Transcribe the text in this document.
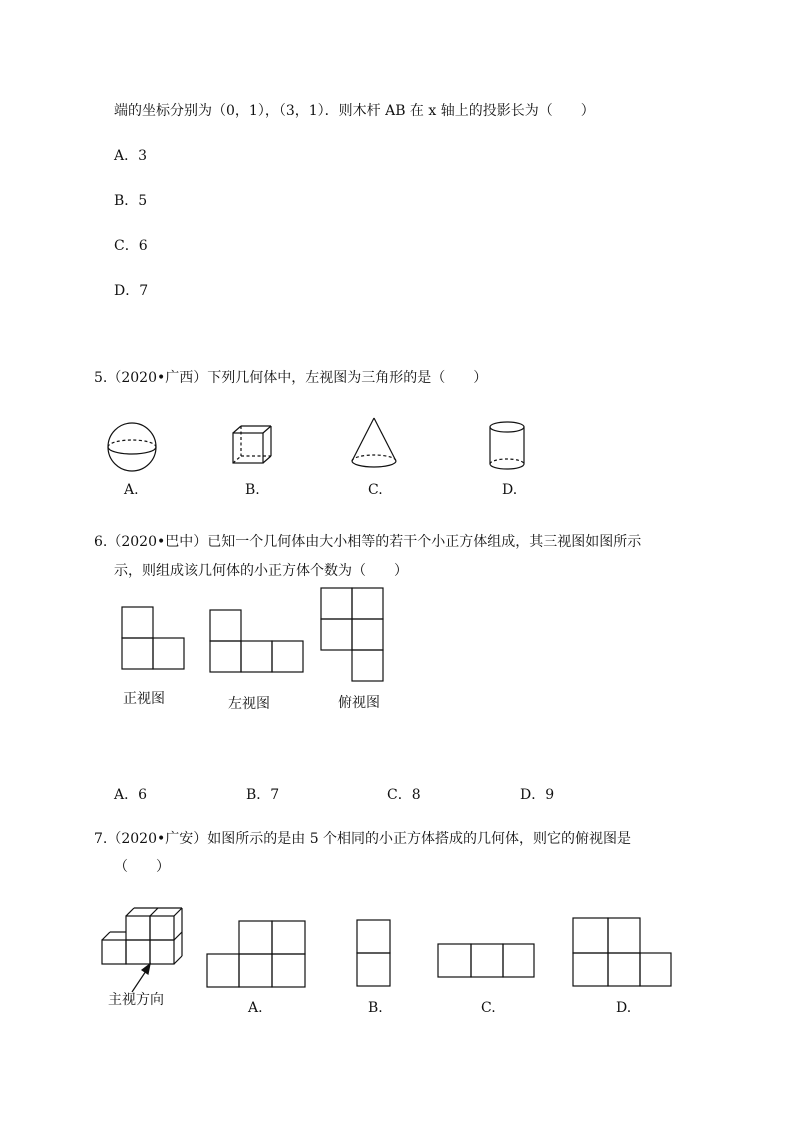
端的坐标分别为（0，1），（3，1）．则木杆 AB 在 x 轴上的投影长为（　　）
A．3
B．5
C．6
D．7
5.（2020•广西）下列几何体中，左视图为三角形的是（　　）
A.	B.	C.	D.
6.（2020•巴中）已知一个几何体由大小相等的若干个小正方体组成，其三视图如图所示
示，则组成该几何体的小正方体个数为（　　）
正视图	左视图	俯视图
A．6	B．7	C．8	D．9
7.（2020•广安）如图所示的是由 5 个相同的小正方体搭成的几何体，则它的俯视图是
（　　）
主视方向	A.	B.	C.	D.
